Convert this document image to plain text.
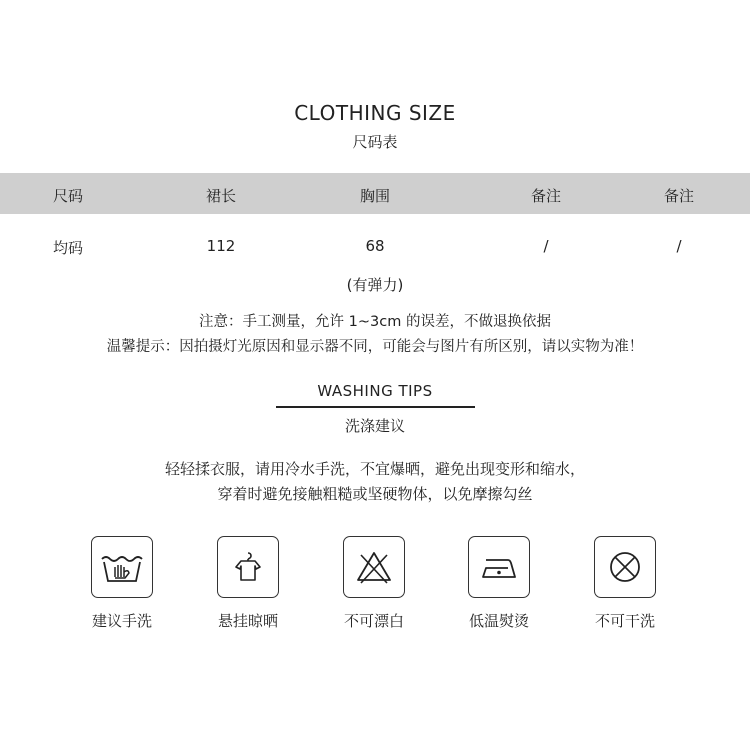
CLOTHING SIZE
尺码表
尺码	裙长	胸围	备注	备注
均码	112	68	/	/
(有弹力)
注意：手工测量，允许 1~3cm 的误差，不做退换依据
温馨提示：因拍摄灯光原因和显示器不同，可能会与图片有所区别，请以实物为准！
WASHING TIPS
洗涤建议
轻轻揉衣服，请用冷水手洗，不宜爆晒，避免出现变形和缩水，
穿着时避免接触粗糙或坚硬物体，以免摩擦勾丝
建议手洗	悬挂晾晒	不可漂白	低温熨烫	不可干洗
